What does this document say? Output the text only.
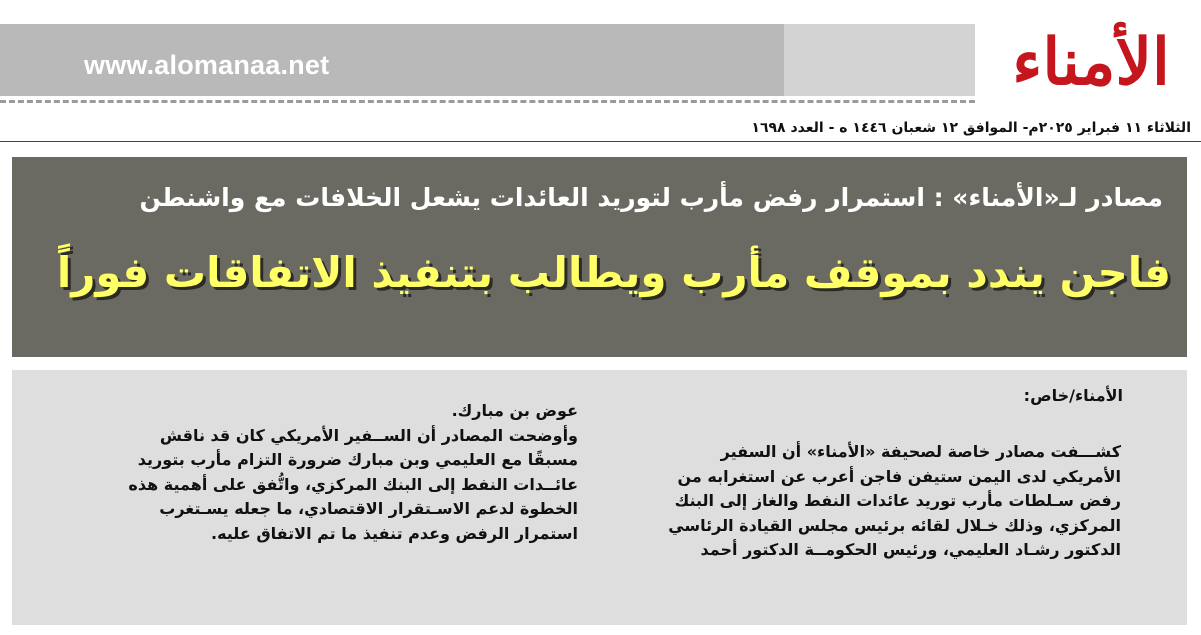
www.alomanaa.net	الأمناء
الثلاثاء ١١ فبراير ٢٠٢٥م- الموافق ١٢ شعبان ١٤٤٦ ه - العدد ١٦٩٨
مصادر لـ«الأمناء» : استمرار رفض مأرب لتوريد العائدات يشعل الخلافات مع واشنطن
فاجن يندد بموقف مأرب ويطالب بتنفيذ الاتفاقات فوراً
الأمناء/خاص:
كشـــفت مصادر خاصة لصحيفة «الأمناء» أن السفير
الأمريكي لدى اليمن ستيفن فاجن أعرب عن استغرابه من
رفض سـلطات مأرب توريد عائدات النفط والغاز إلى البنك
المركزي، وذلك خـلال لقائه برئيس مجلس القيادة الرئاسي
الدكتور رشـاد العليمي، ورئيس الحكومــة الدكتور أحمد
عوض بن مبارك.
وأوضحت المصادر أن الســفير الأمريكي كان قد ناقش
مسبقًا مع العليمي وبن مبارك ضرورة التزام مأرب بتوريد
عائــدات النفط إلى البنك المركزي، واتُّفق على أهمية هذه
الخطوة لدعم الاسـتقرار الاقتصادي، ما جعله يسـتغرب
استمرار الرفض وعدم تنفيذ ما تم الاتفاق عليه.
